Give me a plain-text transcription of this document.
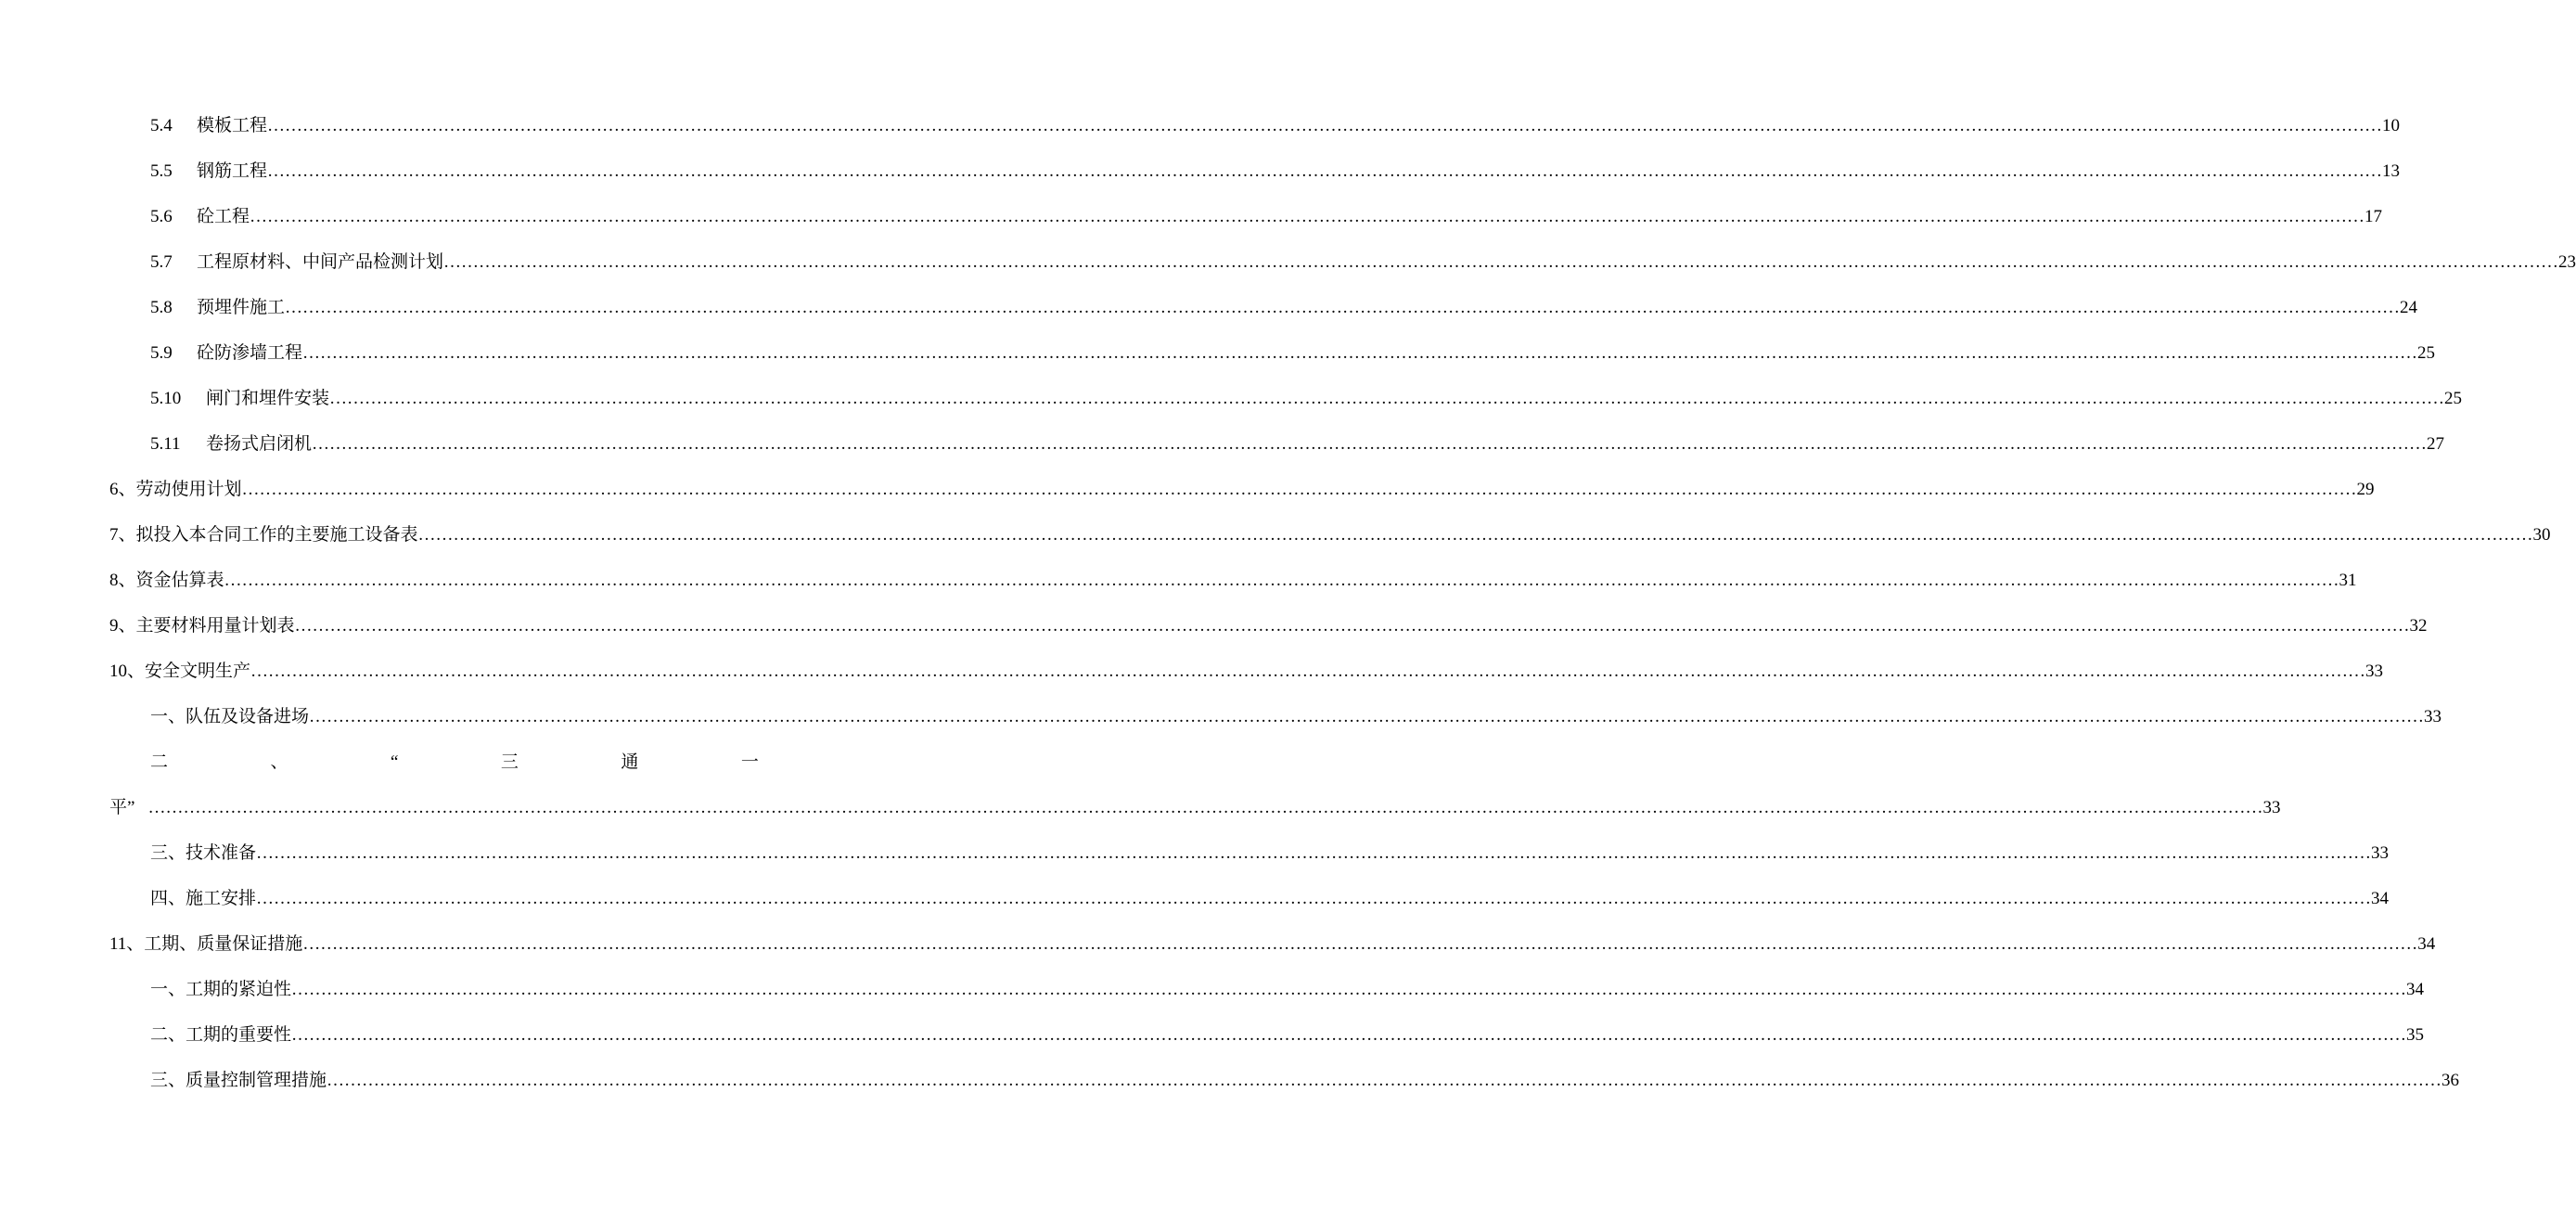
5.4	模板工程 ……………………………………………………………………………………………………………………………………………………………………………………………………………………………………………………………………………………………………………………………… 10
5.5	钢筋工程 ……………………………………………………………………………………………………………………………………………………………………………………………………………………………………………………………………………………………………………………………… 13
5.6	砼工程 ……………………………………………………………………………………………………………………………………………………………………………………………………………………………………………………………………………………………………………………………… 17
5.7	工程原材料、中间产品检测计划 ……………………………………………………………………………………………………………………………………………………………………………………………………………………………………………………………………………………………………………………………… 23
5.8	预埋件施工 ……………………………………………………………………………………………………………………………………………………………………………………………………………………………………………………………………………………………………………………………… 24
5.9	砼防渗墙工程 ……………………………………………………………………………………………………………………………………………………………………………………………………………………………………………………………………………………………………………………………… 25
5.10	闸门和埋件安装 ……………………………………………………………………………………………………………………………………………………………………………………………………………………………………………………………………………………………………………………………… 25
5.11	卷扬式启闭机 ……………………………………………………………………………………………………………………………………………………………………………………………………………………………………………………………………………………………………………………………… 27
6、劳动使用计划 ……………………………………………………………………………………………………………………………………………………………………………………………………………………………………………………………………………………………………………………………… 29
7、拟投入本合同工作的主要施工设备表 ……………………………………………………………………………………………………………………………………………………………………………………………………………………………………………………………………………………………………………………………… 30
8、资金估算表 ……………………………………………………………………………………………………………………………………………………………………………………………………………………………………………………………………………………………………………………………… 31
9、主要材料用量计划表 ……………………………………………………………………………………………………………………………………………………………………………………………………………………………………………………………………………………………………………………………… 32
10、安全文明生产 ……………………………………………………………………………………………………………………………………………………………………………………………………………………………………………………………………………………………………………………………… 33
一、队伍及设备进场 ……………………………………………………………………………………………………………………………………………………………………………………………………………………………………………………………………………………………………………………………… 33
二	、	“	三	通	一
平” ……………………………………………………………………………………………………………………………………………………………………………………………………………………………………………………………………………………………………………………………… 33
三、技术准备 ……………………………………………………………………………………………………………………………………………………………………………………………………………………………………………………………………………………………………………………………… 33
四、施工安排 ……………………………………………………………………………………………………………………………………………………………………………………………………………………………………………………………………………………………………………………………… 34
11、工期、质量保证措施 ……………………………………………………………………………………………………………………………………………………………………………………………………………………………………………………………………………………………………………………………… 34
一、工期的紧迫性 ……………………………………………………………………………………………………………………………………………………………………………………………………………………………………………………………………………………………………………………………… 34
二、工期的重要性 ……………………………………………………………………………………………………………………………………………………………………………………………………………………………………………………………………………………………………………………………… 35
三、质量控制管理措施 ……………………………………………………………………………………………………………………………………………………………………………………………………………………………………………………………………………………………………………………………… 36
